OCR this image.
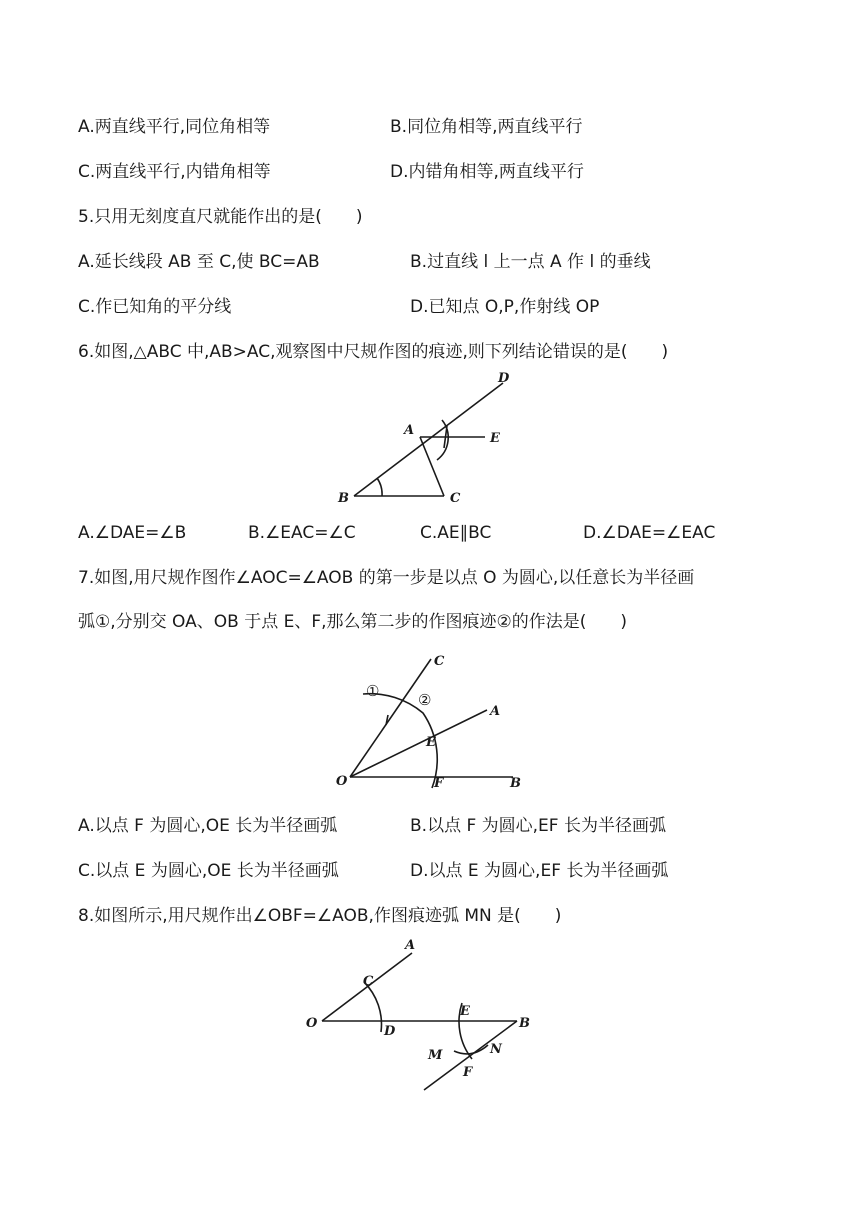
A.两直线平行,同位角相等	B.同位角相等,两直线平行
C.两直线平行,内错角相等	D.内错角相等,两直线平行
5.只用无刻度直尺就能作出的是(　　)
A.延长线段 AB 至 C,使 BC=AB	B.过直线 l 上一点 A 作 l 的垂线
C.作已知角的平分线	D.已知点 O,P,作射线 OP
6.如图,△ABC 中,AB>AC,观察图中尺规作图的痕迹,则下列结论错误的是(　　)
D
A
E
B	C
A.∠DAE=∠B	B.∠EAC=∠C	C.AE∥BC	D.∠DAE=∠EAC
7.如图,用尺规作图作∠AOC=∠AOB 的第一步是以点 O 为圆心,以任意长为半径画
弧①,分别交 OA、OB 于点 E、F,那么第二步的作图痕迹②的作法是(　　)
C
A
E
O	F	B
①	②
A.以点 F 为圆心,OE 长为半径画弧	B.以点 F 为圆心,EF 长为半径画弧
C.以点 E 为圆心,OE 长为半径画弧	D.以点 E 为圆心,EF 长为半径画弧
8.如图所示,用尺规作出∠OBF=∠AOB,作图痕迹弧 MN 是(　　)
A
C
O
D
E
B
M	N
F
